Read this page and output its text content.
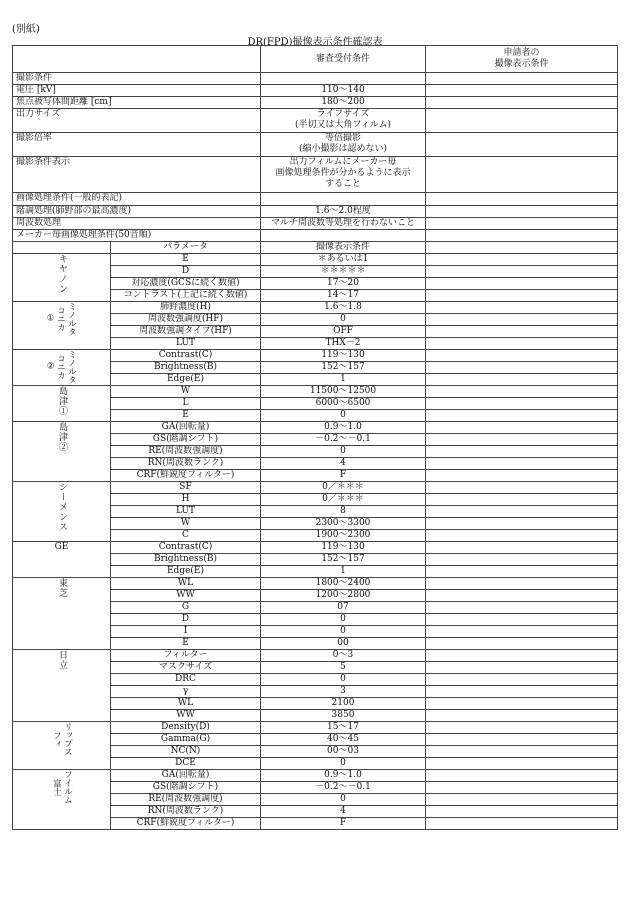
(別紙)
DR(FPD)撮像表示条件確認表
		審査受付条件	申請者の
撮像表示条件
撮影条件			
電圧 [kV]		110～140	
焦点被写体間距離 [cm]		180～200	
出力サイズ		ライフサイズ
(半切又は大角フィルム)	
撮影倍率		等倍撮影
(縮小撮影は認めない)	
撮影条件表示		出力フィルムにメーカー毎
画像処理条件が分かるように表示
すること	
画像処理条件(一般的表記)			
階調処理(肺野部の最高濃度)		1.6～2.0程度	
周波数処理		マルチ周波数等処理を行わないこと	
メーカー毎画像処理条件(50音順)			
	パラメータ	撮像表示条件	
キヤノン	E	＊あるいは1	
	D	＊＊＊＊＊	
	対応濃度(GCSに続く数値)	17～20	
	コントラスト(上記に続く数値)	14～17	
①コニカミノルタ	肺野濃度(H)	1.6～1.8	
	周波数強調度(HF)	0	
	周波数強調タイプ(HF)	OFF	
	LUT	THX－2	
②コニカミノルタ	Contrast(C)	119～130	
	Brightness(B)	152～157	
	Edge(E)	1	
島津①	W	11500～12500	
	L	6000～6500	
	E	0	
島津②	GA(回転量)	0.9～1.0	
	GS(階調シフト)	－0.2～－0.1	
	RE(周波数強調度)	0	
	RN(周波数ランク)	4	
	CRF(鮮鋭度フィルター)	F	
シーメンス	SF	0／＊＊＊	
	H	0／＊＊＊	
	LUT	8	
	W	2300～3300	
	C	1900～2300	
GE	Contrast(C)	119～130	
	Brightness(B)	152～157	
	Edge(E)	1	
東芝	WL	1800～2400	
	WW	1200～2800	
	G	07	
	D	0	
	I	0	
	E	00	
日立	フィルター	0～3	
	マスクサイズ	5	
	DRC	0	
	γ	3	
	WL	2100	
	WW	3850	
フィリップス	Density(D)	15～17	
	Gamma(G)	40～45	
	NC(N)	00～03	
	DCE	0	
富士フイルム	GA(回転量)	0.9～1.0	
	GS(階調シフト)	－0.2～－0.1	
	RE(周波数強調度)	0	
	RN(周波数ランク)	4	
	CRF(鮮鋭度フィルター)	F	
